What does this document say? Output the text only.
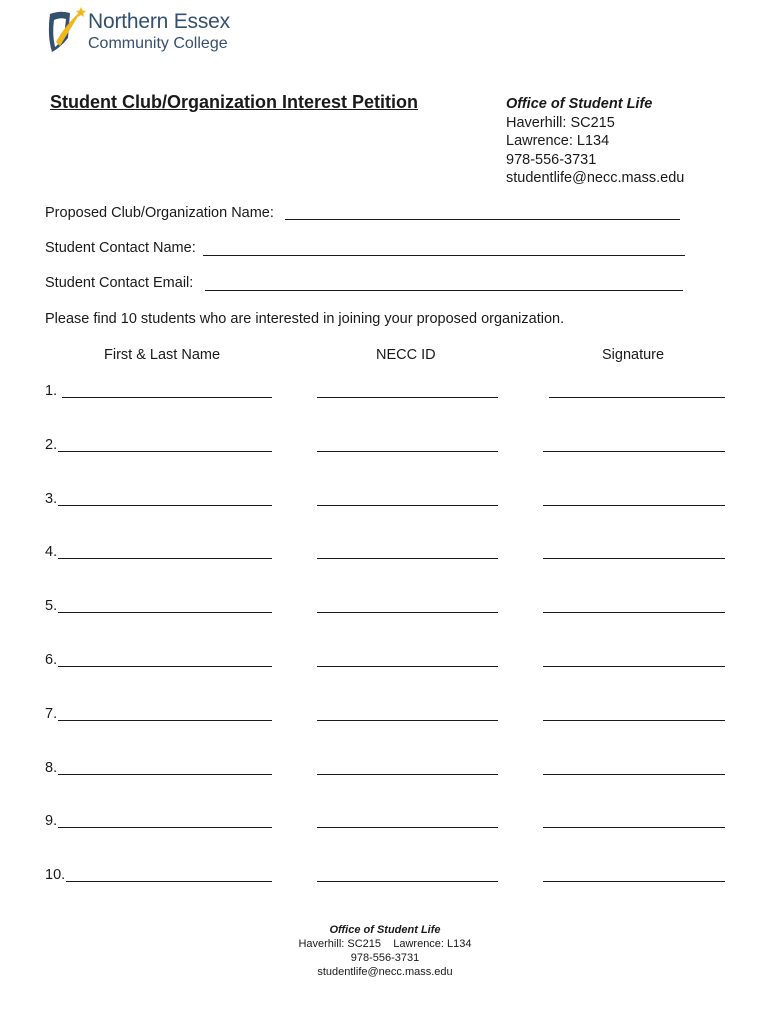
Northern Essex
Community College
Student Club/Organization Interest Petition	Office of Student Life
Haverhill: SC215
Lawrence: L134
978-556-3731
studentlife@necc.mass.edu
Proposed Club/Organization Name:
Student Contact Name:
Student Contact Email:
Please find 10 students who are interested in joining your proposed organization.
First & Last Name	NECC ID	Signature
1.
2.
3.
4.
5.
6.
7.
8.
9.
10.
Office of Student Life
Haverhill: SC215    Lawrence: L134
978-556-3731
studentlife@necc.mass.edu
